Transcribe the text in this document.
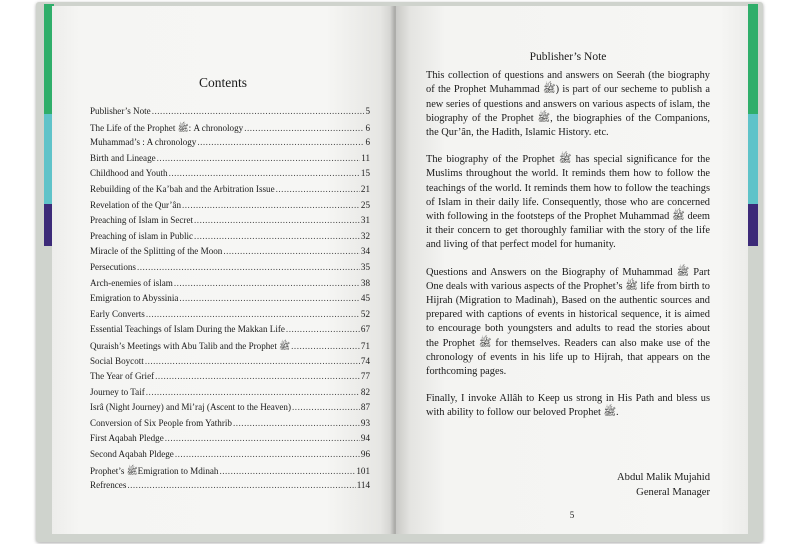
Contents
Publisher’s Note .....	5
The Life of the Prophet ﷺ: A chronology .....	6
Muhammad’s : A chronology .....	6
Birth and Lineage .....	11
Childhood and Youth .....	15
Rebuilding of the Ka’bah and the Arbitration Issue .....	21
Revelation of the Qur’ân .....	25
Preaching of Islam in Secret .....	31
Preaching of islam in Public .....	32
Miracle of the Splitting of the Moon .....	34
Persecutions .....	35
Arch-enemies of islam .....	38
Emigration to Abyssinia .....	45
Early Converts .....	52
Essential Teachings of Islam During the Makkan Life .....	67
Quraish’s Meetings with Abu Talib and the Prophet ﷺ .....	71
Social Boycott .....	74
The Year of Grief .....	77
Journey to Taif .....	82
Isrâ (Night Journey) and Mi’raj (Ascent to the Heaven) .....	87
Conversion of Six People from Yathrib .....	93
First Aqabah Pledge .....	94
Second Aqabah Pldege .....	96
Prophet’s ﷺEmigration to Mdinah .....	101
Refrences .....	114
Publisher’s Note

This collection of questions and answers on Seerah (the biography of the Prophet Muhammad ﷺ) is part of our secheme to publish a new series of questions and answers on various aspects of islam, the biography of the Prophet ﷺ, the biographies of the Companions, the Qur’ân, the Hadith, Islamic History. etc.

The biography of the Prophet ﷺ has special significance for the Muslims throughout the world. It reminds them how to follow the teachings of the world. It reminds them how to follow the teachings of Islam in their daily life. Consequently, those who are concerned with following in the footsteps of the Prophet Muhammad ﷺ deem it their concern to get thoroughly familiar with the story of the life and living of that perfect model for humanity.

Questions and Answers on the Biography of Muhammad ﷺ Part One deals with various aspects of the Prophet’s ﷺ life from birth to Hijrah (Migration to Madinah), Based on the authentic sources and prepared with captions of events in historical sequence, it is aimed to encourage both youngsters and adults to read the stories about the Prophet ﷺ for themselves. Readers can also make use of the chronology of events in his life up to Hijrah, that appears on the forthcoming pages.

Finally, I invoke Allâh to Keep us strong in His Path and bless us with ability to follow our beloved Prophet ﷺ.

Abdul Malik Mujahid
General Manager
5
